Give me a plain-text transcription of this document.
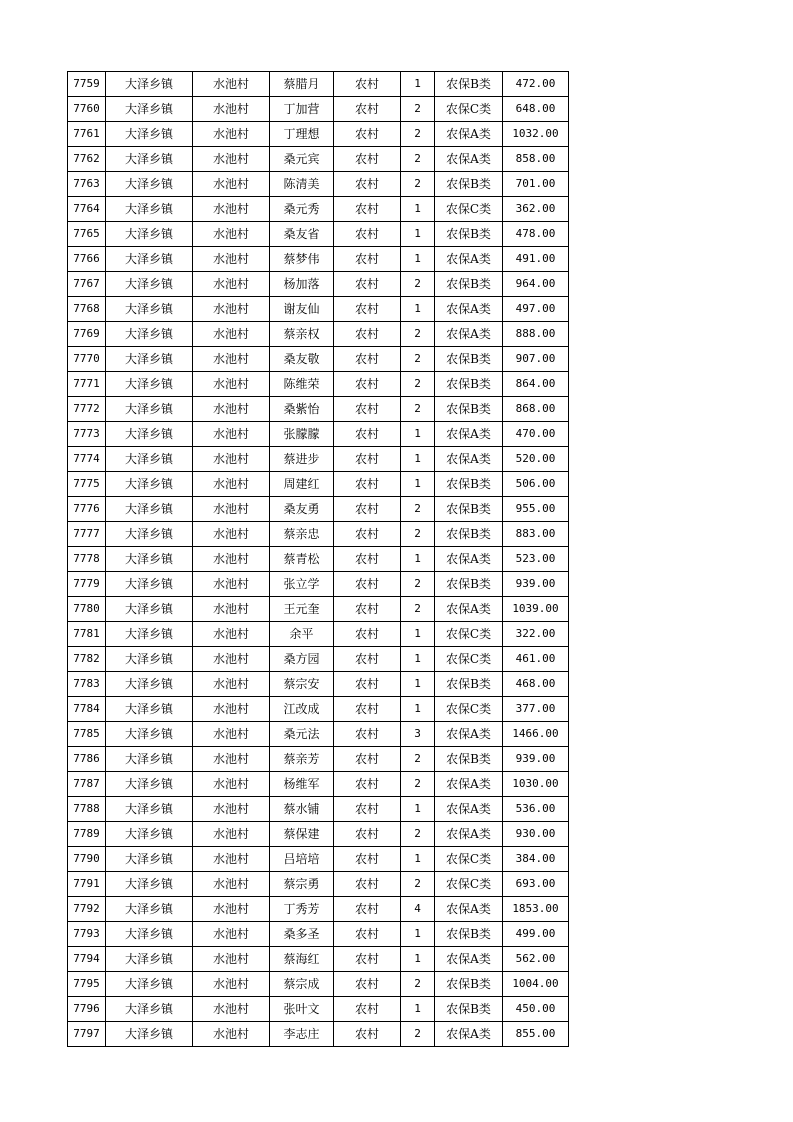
7759	大泽乡镇	水池村	蔡腊月	农村	1	农保B类	472.00
7760	大泽乡镇	水池村	丁加营	农村	2	农保C类	648.00
7761	大泽乡镇	水池村	丁理想	农村	2	农保A类	1032.00
7762	大泽乡镇	水池村	桑元宾	农村	2	农保A类	858.00
7763	大泽乡镇	水池村	陈清美	农村	2	农保B类	701.00
7764	大泽乡镇	水池村	桑元秀	农村	1	农保C类	362.00
7765	大泽乡镇	水池村	桑友省	农村	1	农保B类	478.00
7766	大泽乡镇	水池村	蔡梦伟	农村	1	农保A类	491.00
7767	大泽乡镇	水池村	杨加落	农村	2	农保B类	964.00
7768	大泽乡镇	水池村	谢友仙	农村	1	农保A类	497.00
7769	大泽乡镇	水池村	蔡亲权	农村	2	农保A类	888.00
7770	大泽乡镇	水池村	桑友敬	农村	2	农保B类	907.00
7771	大泽乡镇	水池村	陈维荣	农村	2	农保B类	864.00
7772	大泽乡镇	水池村	桑紫怡	农村	2	农保B类	868.00
7773	大泽乡镇	水池村	张朦朦	农村	1	农保A类	470.00
7774	大泽乡镇	水池村	蔡进步	农村	1	农保A类	520.00
7775	大泽乡镇	水池村	周建红	农村	1	农保B类	506.00
7776	大泽乡镇	水池村	桑友勇	农村	2	农保B类	955.00
7777	大泽乡镇	水池村	蔡亲忠	农村	2	农保B类	883.00
7778	大泽乡镇	水池村	蔡青松	农村	1	农保A类	523.00
7779	大泽乡镇	水池村	张立学	农村	2	农保B类	939.00
7780	大泽乡镇	水池村	王元奎	农村	2	农保A类	1039.00
7781	大泽乡镇	水池村	余平	农村	1	农保C类	322.00
7782	大泽乡镇	水池村	桑方园	农村	1	农保C类	461.00
7783	大泽乡镇	水池村	蔡宗安	农村	1	农保B类	468.00
7784	大泽乡镇	水池村	江改成	农村	1	农保C类	377.00
7785	大泽乡镇	水池村	桑元法	农村	3	农保A类	1466.00
7786	大泽乡镇	水池村	蔡亲芳	农村	2	农保B类	939.00
7787	大泽乡镇	水池村	杨维军	农村	2	农保A类	1030.00
7788	大泽乡镇	水池村	蔡水铺	农村	1	农保A类	536.00
7789	大泽乡镇	水池村	蔡保建	农村	2	农保A类	930.00
7790	大泽乡镇	水池村	吕培培	农村	1	农保C类	384.00
7791	大泽乡镇	水池村	蔡宗勇	农村	2	农保C类	693.00
7792	大泽乡镇	水池村	丁秀芳	农村	4	农保A类	1853.00
7793	大泽乡镇	水池村	桑多圣	农村	1	农保B类	499.00
7794	大泽乡镇	水池村	蔡海红	农村	1	农保A类	562.00
7795	大泽乡镇	水池村	蔡宗成	农村	2	农保B类	1004.00
7796	大泽乡镇	水池村	张叶文	农村	1	农保B类	450.00
7797	大泽乡镇	水池村	李志庄	农村	2	农保A类	855.00
